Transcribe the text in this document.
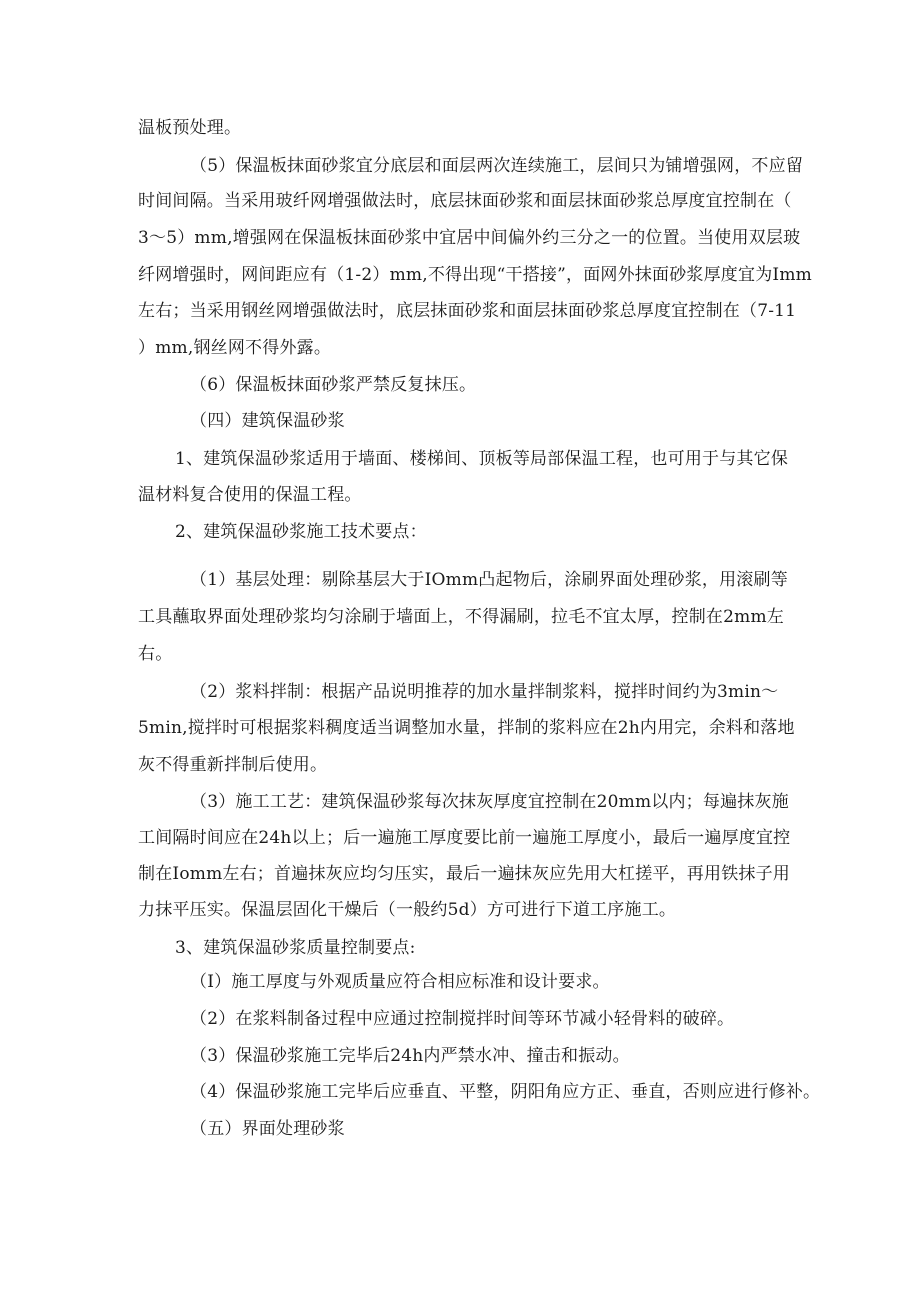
温板预处理。
（5）保温板抹面砂浆宜分底层和面层两次连续施工，层间只为铺增强网，不应留
时间间隔。当采用玻纤网增强做法时，底层抹面砂浆和面层抹面砂浆总厚度宜控制在（
3～5）mm,增强网在保温板抹面砂浆中宜居中间偏外约三分之一的位置。当使用双层玻
纤网增强时，网间距应有（1-2）mm,不得出现“干搭接”，面网外抹面砂浆厚度宜为Imm
左右；当采用钢丝网增强做法时，底层抹面砂浆和面层抹面砂浆总厚度宜控制在（7-11
）mm,钢丝网不得外露。
（6）保温板抹面砂浆严禁反复抹压。
（四）建筑保温砂浆
1、建筑保温砂浆适用于墙面、楼梯间、顶板等局部保温工程，也可用于与其它保
温材料复合使用的保温工程。
2、建筑保温砂浆施工技术要点：
（1）基层处理：剔除基层大于IOmm凸起物后，涂刷界面处理砂浆，用滚刷等
工具蘸取界面处理砂浆均匀涂刷于墙面上，不得漏刷，拉毛不宜太厚，控制在2mm左
右。
（2）浆料拌制：根据产品说明推荐的加水量拌制浆料，搅拌时间约为3min～
5min,搅拌时可根据浆料稠度适当调整加水量，拌制的浆料应在2h内用完，余料和落地
灰不得重新拌制后使用。
（3）施工工艺：建筑保温砂浆每次抹灰厚度宜控制在20mm以内；每遍抹灰施
工间隔时间应在24h以上；后一遍施工厚度要比前一遍施工厚度小，最后一遍厚度宜控
制在Iomm左右；首遍抹灰应均匀压实，最后一遍抹灰应先用大杠搓平，再用铁抹子用
力抹平压实。保温层固化干燥后（一般约5d）方可进行下道工序施工。
3、建筑保温砂浆质量控制要点:
（I）施工厚度与外观质量应符合相应标准和设计要求。
（2）在浆料制备过程中应通过控制搅拌时间等环节减小轻骨料的破碎。
（3）保温砂浆施工完毕后24h内严禁水冲、撞击和振动。
（4）保温砂浆施工完毕后应垂直、平整，阴阳角应方正、垂直，否则应进行修补。
（五）界面处理砂浆
